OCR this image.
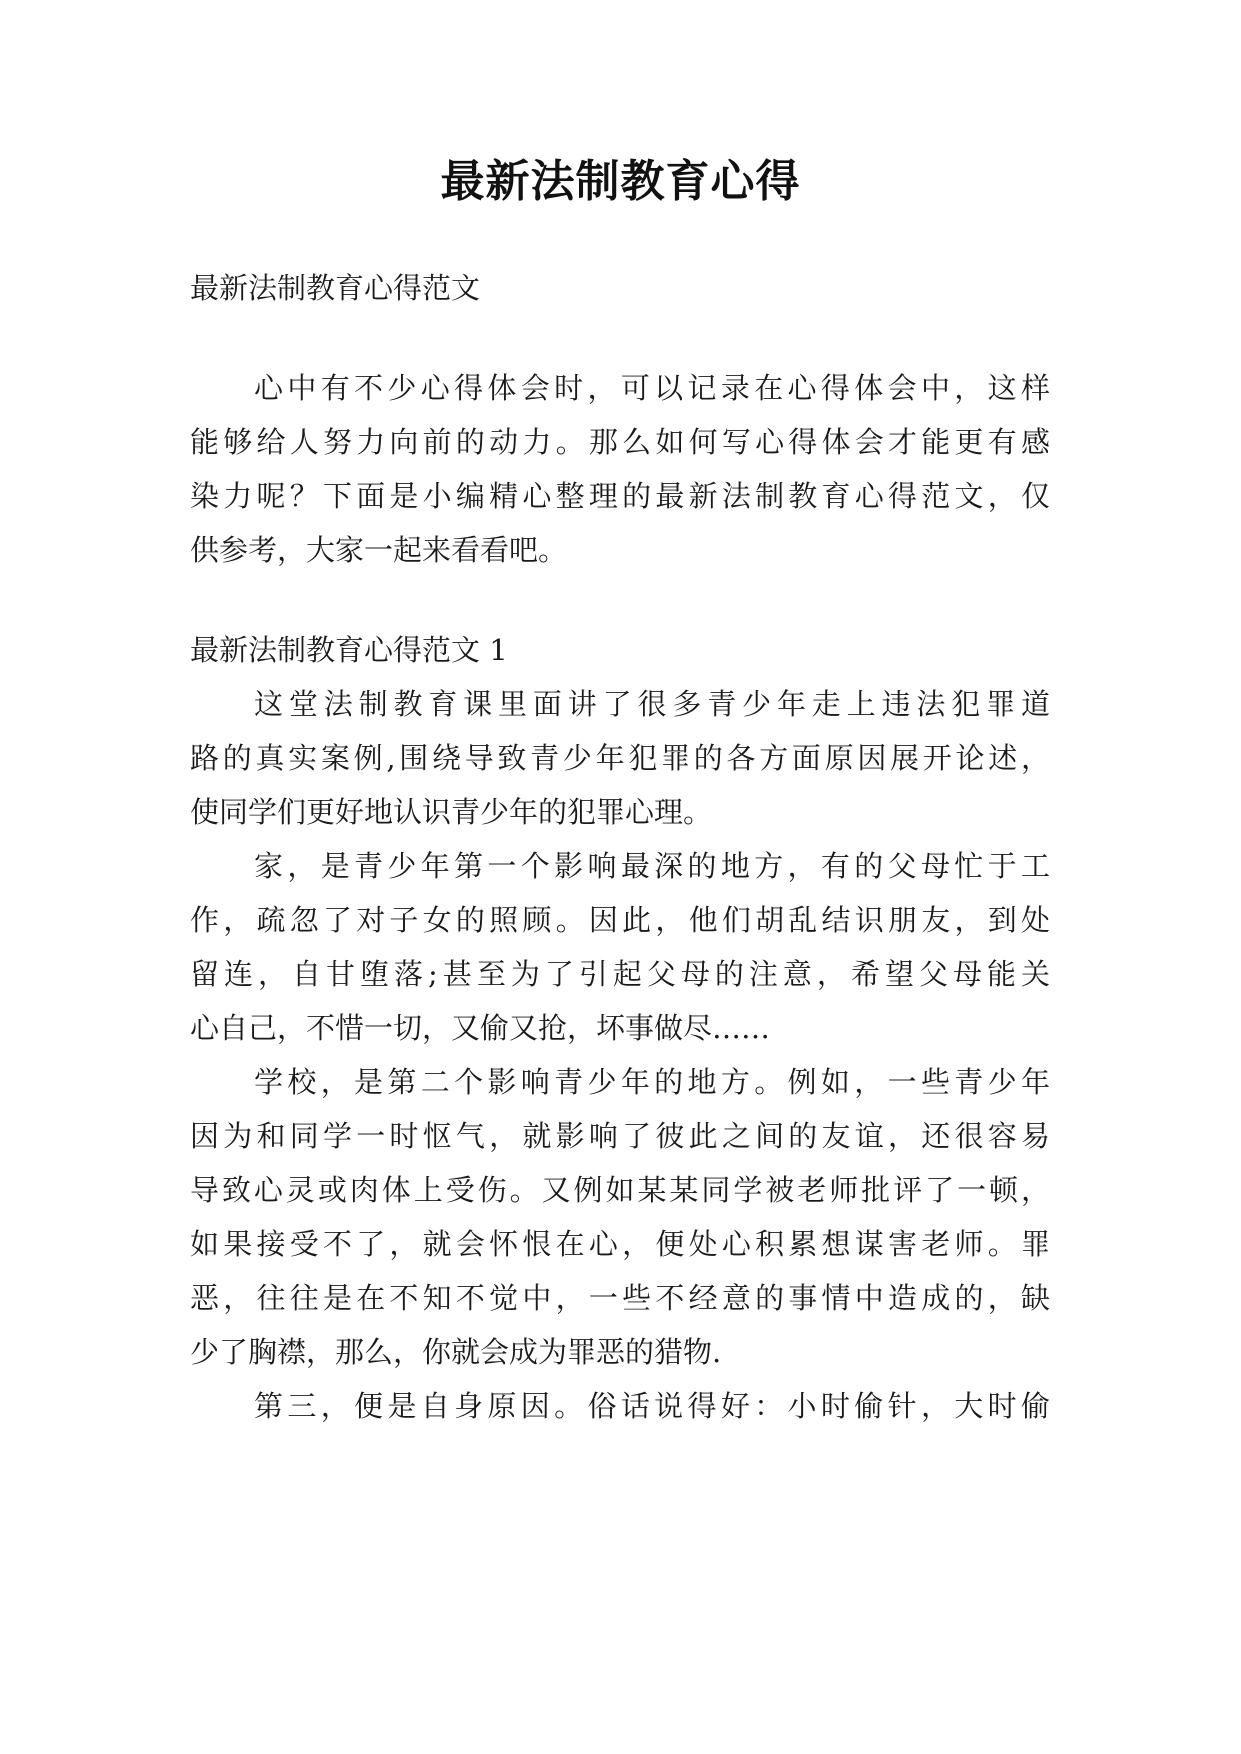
最新法制教育心得
最新法制教育心得范文
心中有不少心得体会时，可以记录在心得体会中，这样
能够给人努力向前的动力。那么如何写心得体会才能更有感
染力呢？下面是小编精心整理的最新法制教育心得范文，仅
供参考，大家一起来看看吧。
最新法制教育心得范文 1
这堂法制教育课里面讲了很多青少年走上违法犯罪道
路的真实案例,围绕导致青少年犯罪的各方面原因展开论述，
使同学们更好地认识青少年的犯罪心理。
家，是青少年第一个影响最深的地方，有的父母忙于工
作，疏忽了对子女的照顾。因此，他们胡乱结识朋友，到处
留连，自甘堕落;甚至为了引起父母的注意，希望父母能关
心自己，不惜一切，又偷又抢，坏事做尽……
学校，是第二个影响青少年的地方。例如，一些青少年
因为和同学一时怄气，就影响了彼此之间的友谊，还很容易
导致心灵或肉体上受伤。又例如某某同学被老师批评了一顿，
如果接受不了，就会怀恨在心，便处心积累想谋害老师。罪
恶，往往是在不知不觉中，一些不经意的事情中造成的，缺
少了胸襟，那么，你就会成为罪恶的猎物.
第三，便是自身原因。俗话说得好：小时偷针，大时偷
